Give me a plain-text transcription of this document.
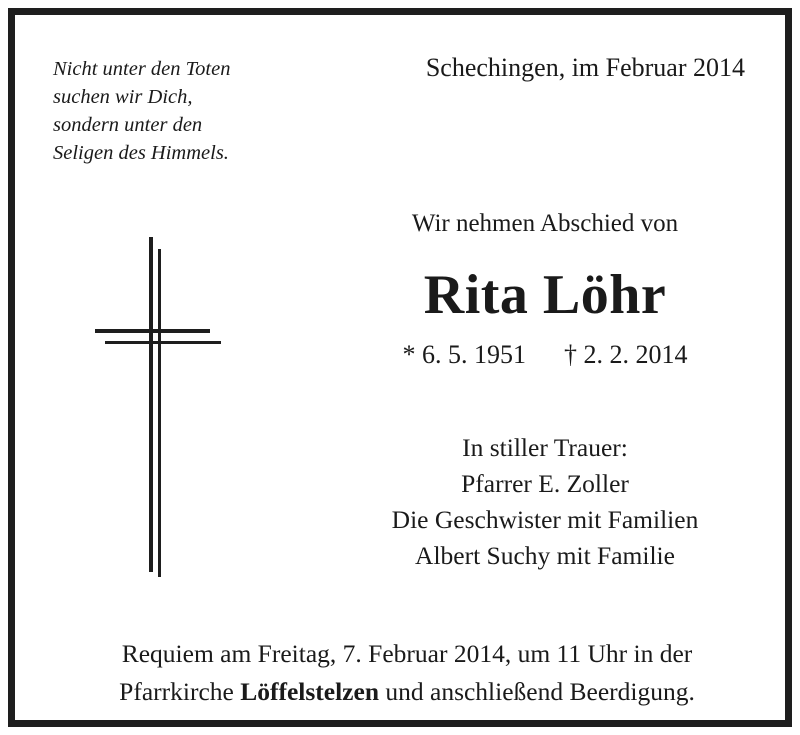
Nicht unter den Toten
suchen wir Dich,
sondern unter den
Seligen des Himmels.
Schechingen, im Februar 2014
Wir nehmen Abschied von
Rita Löhr
* 6. 5. 1951 † 2. 2. 2014
In stiller Trauer:
Pfarrer E. Zoller
Die Geschwister mit Familien
Albert Suchy mit Familie
Requiem am Freitag, 7. Februar 2014, um 11 Uhr in der
Pfarrkirche Löffelstelzen und anschließend Beerdigung.
